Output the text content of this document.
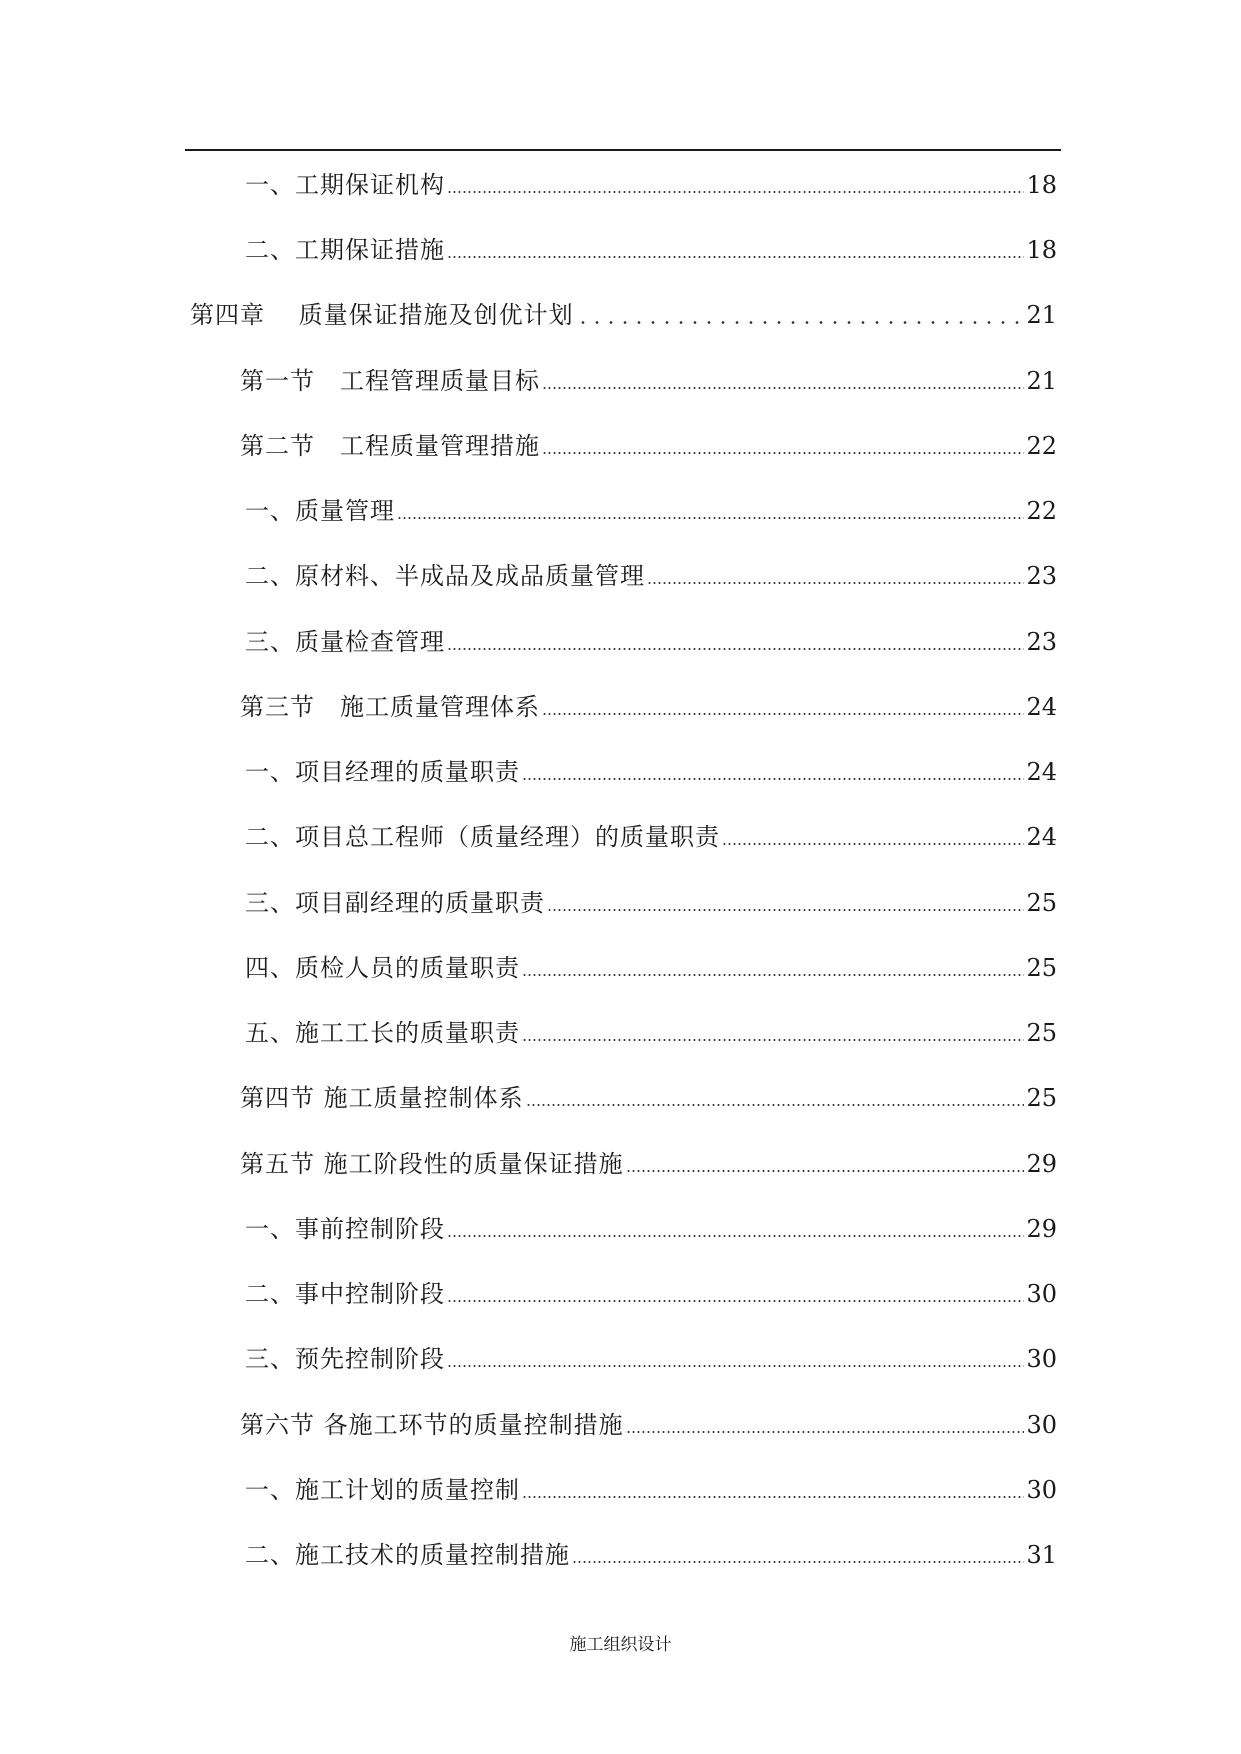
一、工期保证机构	18
二、工期保证措施	18
第四章　 质量保证措施及创优计划	21
第一节　工程管理质量目标	21
第二节　工程质量管理措施	22
一、质量管理	22
二、原材料、半成品及成品质量管理	23
三、质量检查管理	23
第三节　施工质量管理体系	24
一、项目经理的质量职责	24
二、项目总工程师（质量经理）的质量职责	24
三、项目副经理的质量职责	25
四、质检人员的质量职责	25
五、施工工长的质量职责	25
第四节 施工质量控制体系	25
第五节 施工阶段性的质量保证措施	29
一、事前控制阶段	29
二、事中控制阶段	30
三、预先控制阶段	30
第六节 各施工环节的质量控制措施	30
一、施工计划的质量控制	30
二、施工技术的质量控制措施	31
施工组织设计
